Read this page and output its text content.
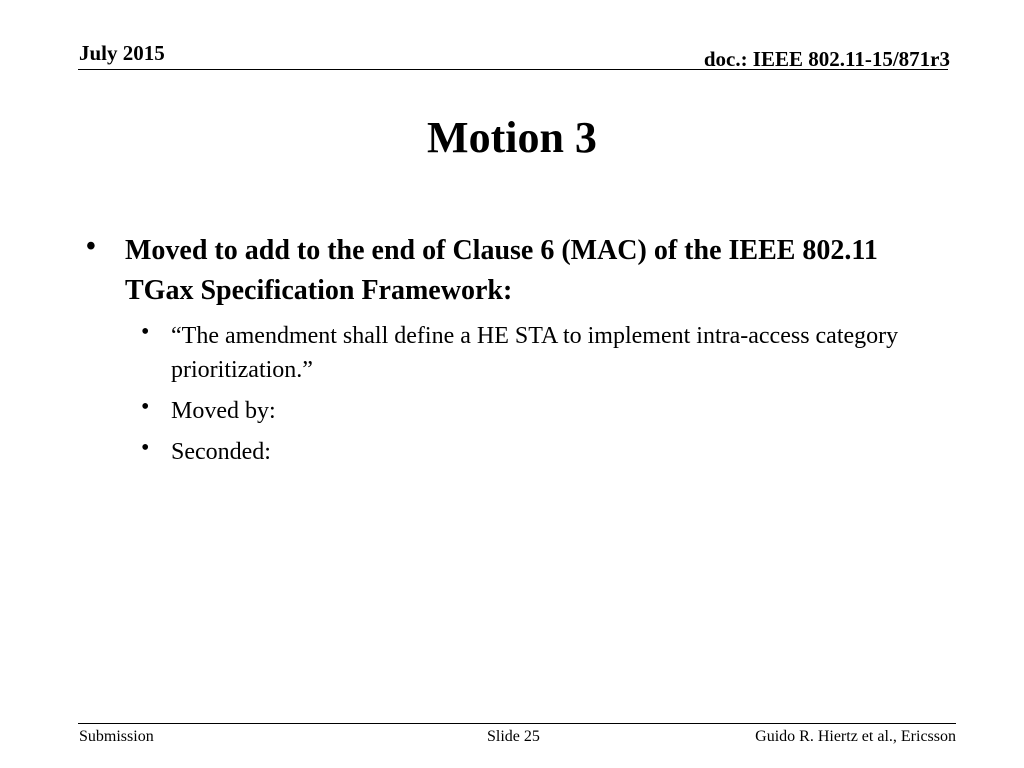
July 2015	doc.: IEEE 802.11-15/871r3
Motion 3
• Moved to add to the end of Clause 6 (MAC) of the IEEE 802.11 TGax Specification Framework:
• “The amendment shall define a HE STA to implement intra-access category prioritization.”
• Moved by:
• Seconded:
Submission	Slide 25	Guido R. Hiertz et al., Ericsson
